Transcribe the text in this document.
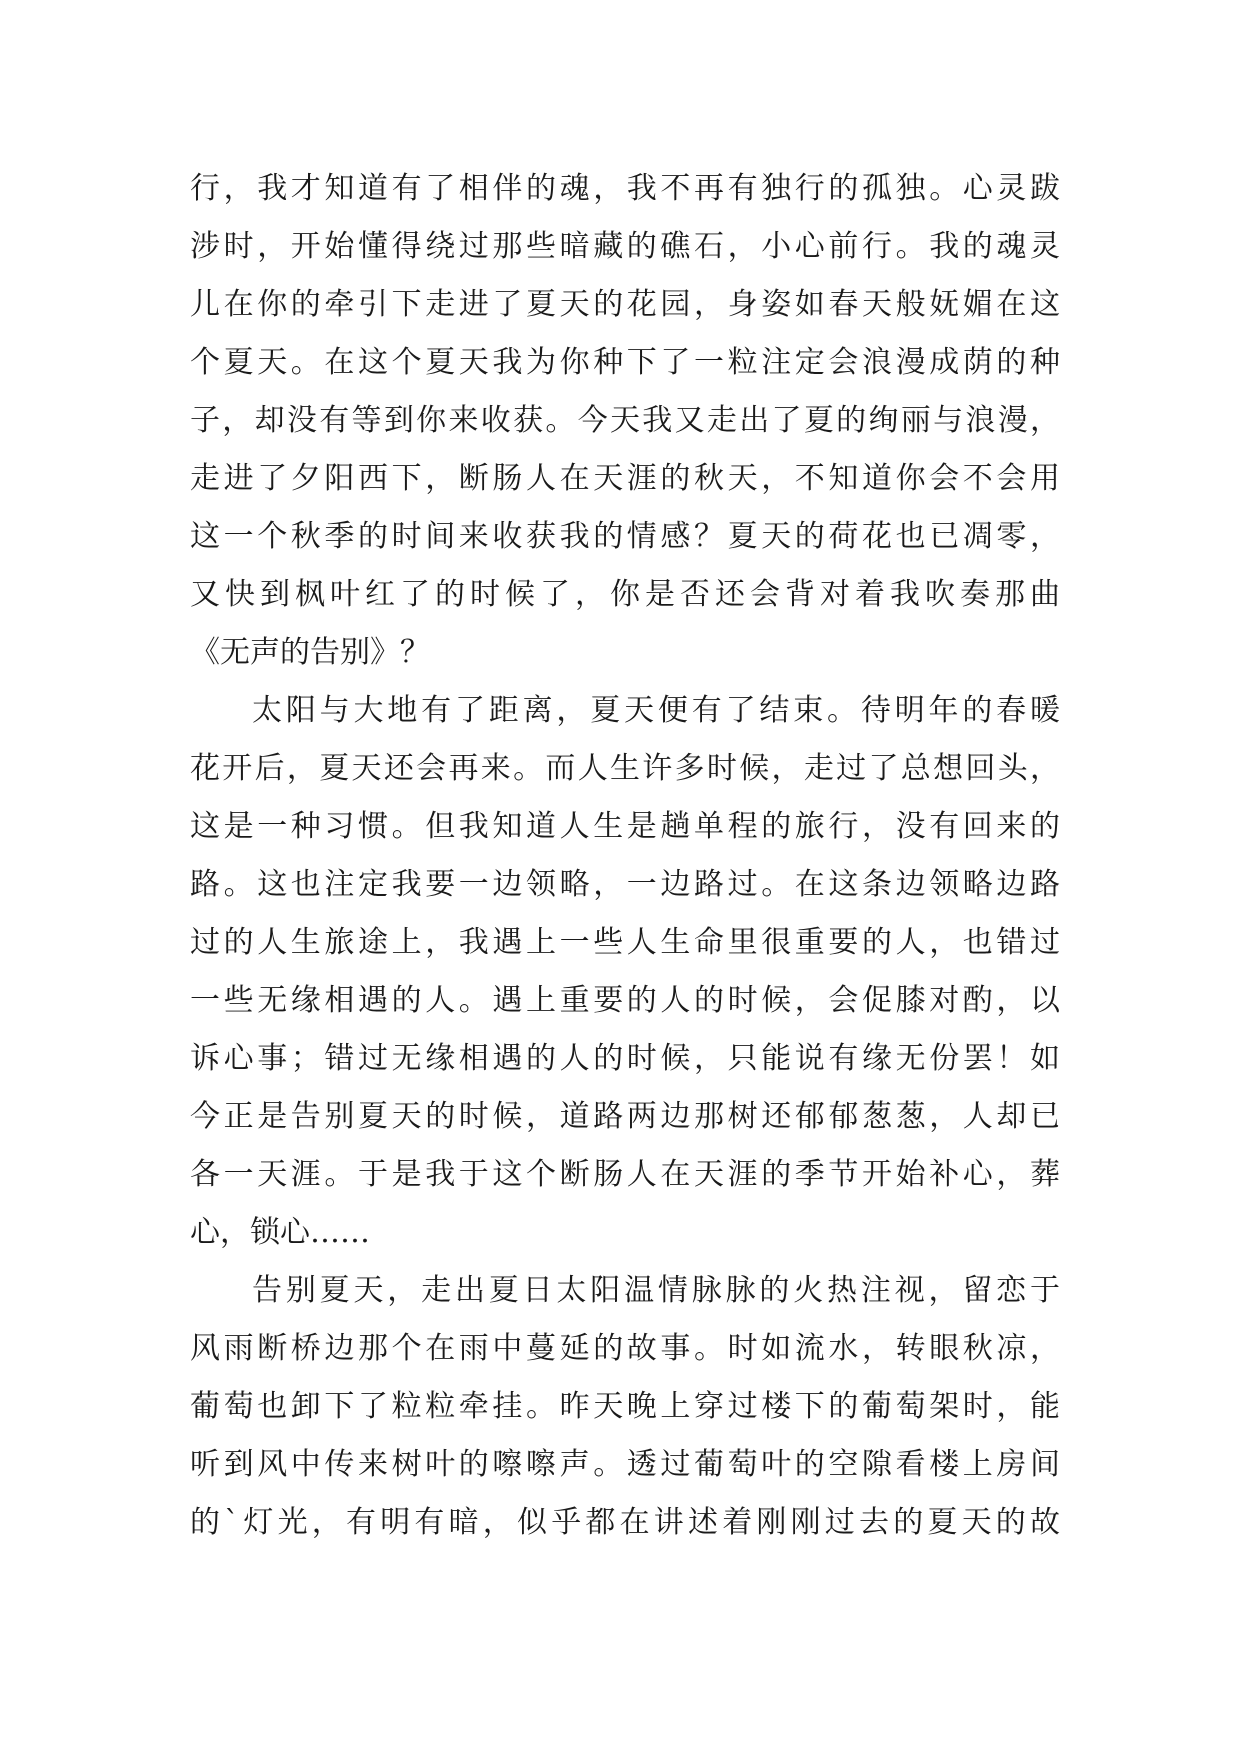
行，我才知道有了相伴的魂，我不再有独行的孤独。心灵跋
涉时，开始懂得绕过那些暗藏的礁石，小心前行。我的魂灵
儿在你的牵引下走进了夏天的花园，身姿如春天般妩媚在这
个夏天。在这个夏天我为你种下了一粒注定会浪漫成荫的种
子，却没有等到你来收获。今天我又走出了夏的绚丽与浪漫，
走进了夕阳西下，断肠人在天涯的秋天，不知道你会不会用
这一个秋季的时间来收获我的情感？夏天的荷花也已凋零，
又快到枫叶红了的时候了，你是否还会背对着我吹奏那曲
《无声的告别》？
太阳与大地有了距离，夏天便有了结束。待明年的春暖
花开后，夏天还会再来。而人生许多时候，走过了总想回头，
这是一种习惯。但我知道人生是趟单程的旅行，没有回来的
路。这也注定我要一边领略，一边路过。在这条边领略边路
过的人生旅途上，我遇上一些人生命里很重要的人，也错过
一些无缘相遇的人。遇上重要的人的时候，会促膝对酌，以
诉心事；错过无缘相遇的人的时候，只能说有缘无份罢！如
今正是告别夏天的时候，道路两边那树还郁郁葱葱，人却已
各一天涯。于是我于这个断肠人在天涯的季节开始补心，葬
心，锁心……
告别夏天，走出夏日太阳温情脉脉的火热注视，留恋于
风雨断桥边那个在雨中蔓延的故事。时如流水，转眼秋凉，
葡萄也卸下了粒粒牵挂。昨天晚上穿过楼下的葡萄架时，能
听到风中传来树叶的嚓嚓声。透过葡萄叶的空隙看楼上房间
的`灯光，有明有暗，似乎都在讲述着刚刚过去的夏天的故
